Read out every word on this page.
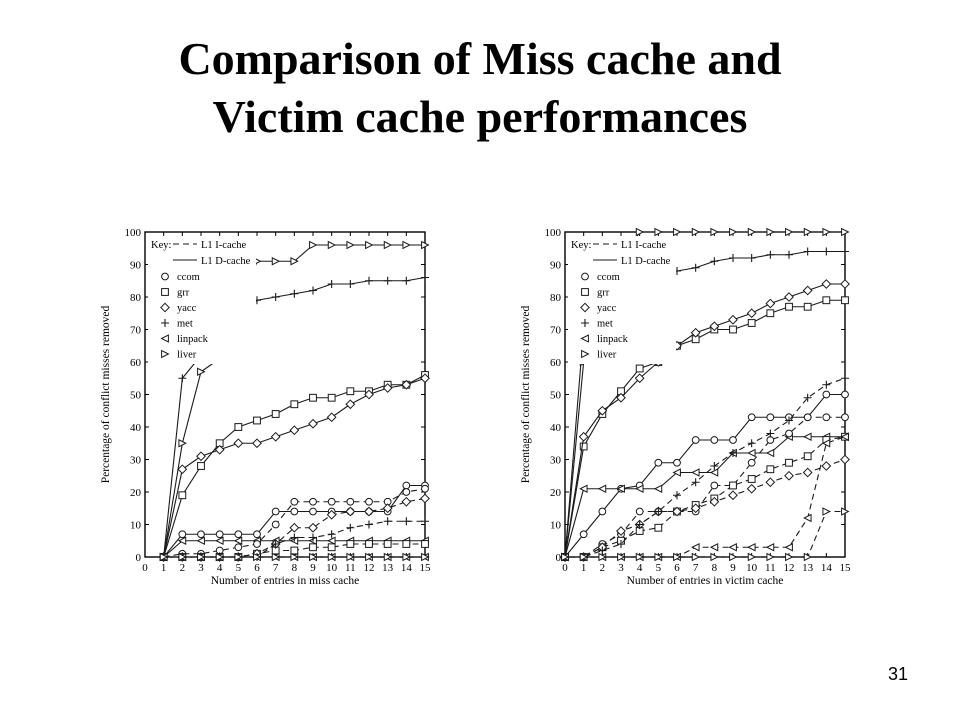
Comparison of Miss cache and
Victim cache performances
0
10
20
30
40
50
60
70
80
90
100
0 1 2 3 4 5 6 7 8 9 10 11 12 13 14 15
Number of entries in miss cache
Percentage of conflict misses removed
Key:	L1 I-cache
L1 D-cache
ccom
grr
yacc
met
linpack
liver
0
10
20
30
40
50
60
70
80
90
100
0 1 2 3 4 5 6 7 8 9 10 11 12 13 14 15
Number of entries in victim cache
Percentage of conflict misses removed
Key:	L1 I-cache
L1 D-cache
ccom
grr
yacc
met
linpack
liver
31
